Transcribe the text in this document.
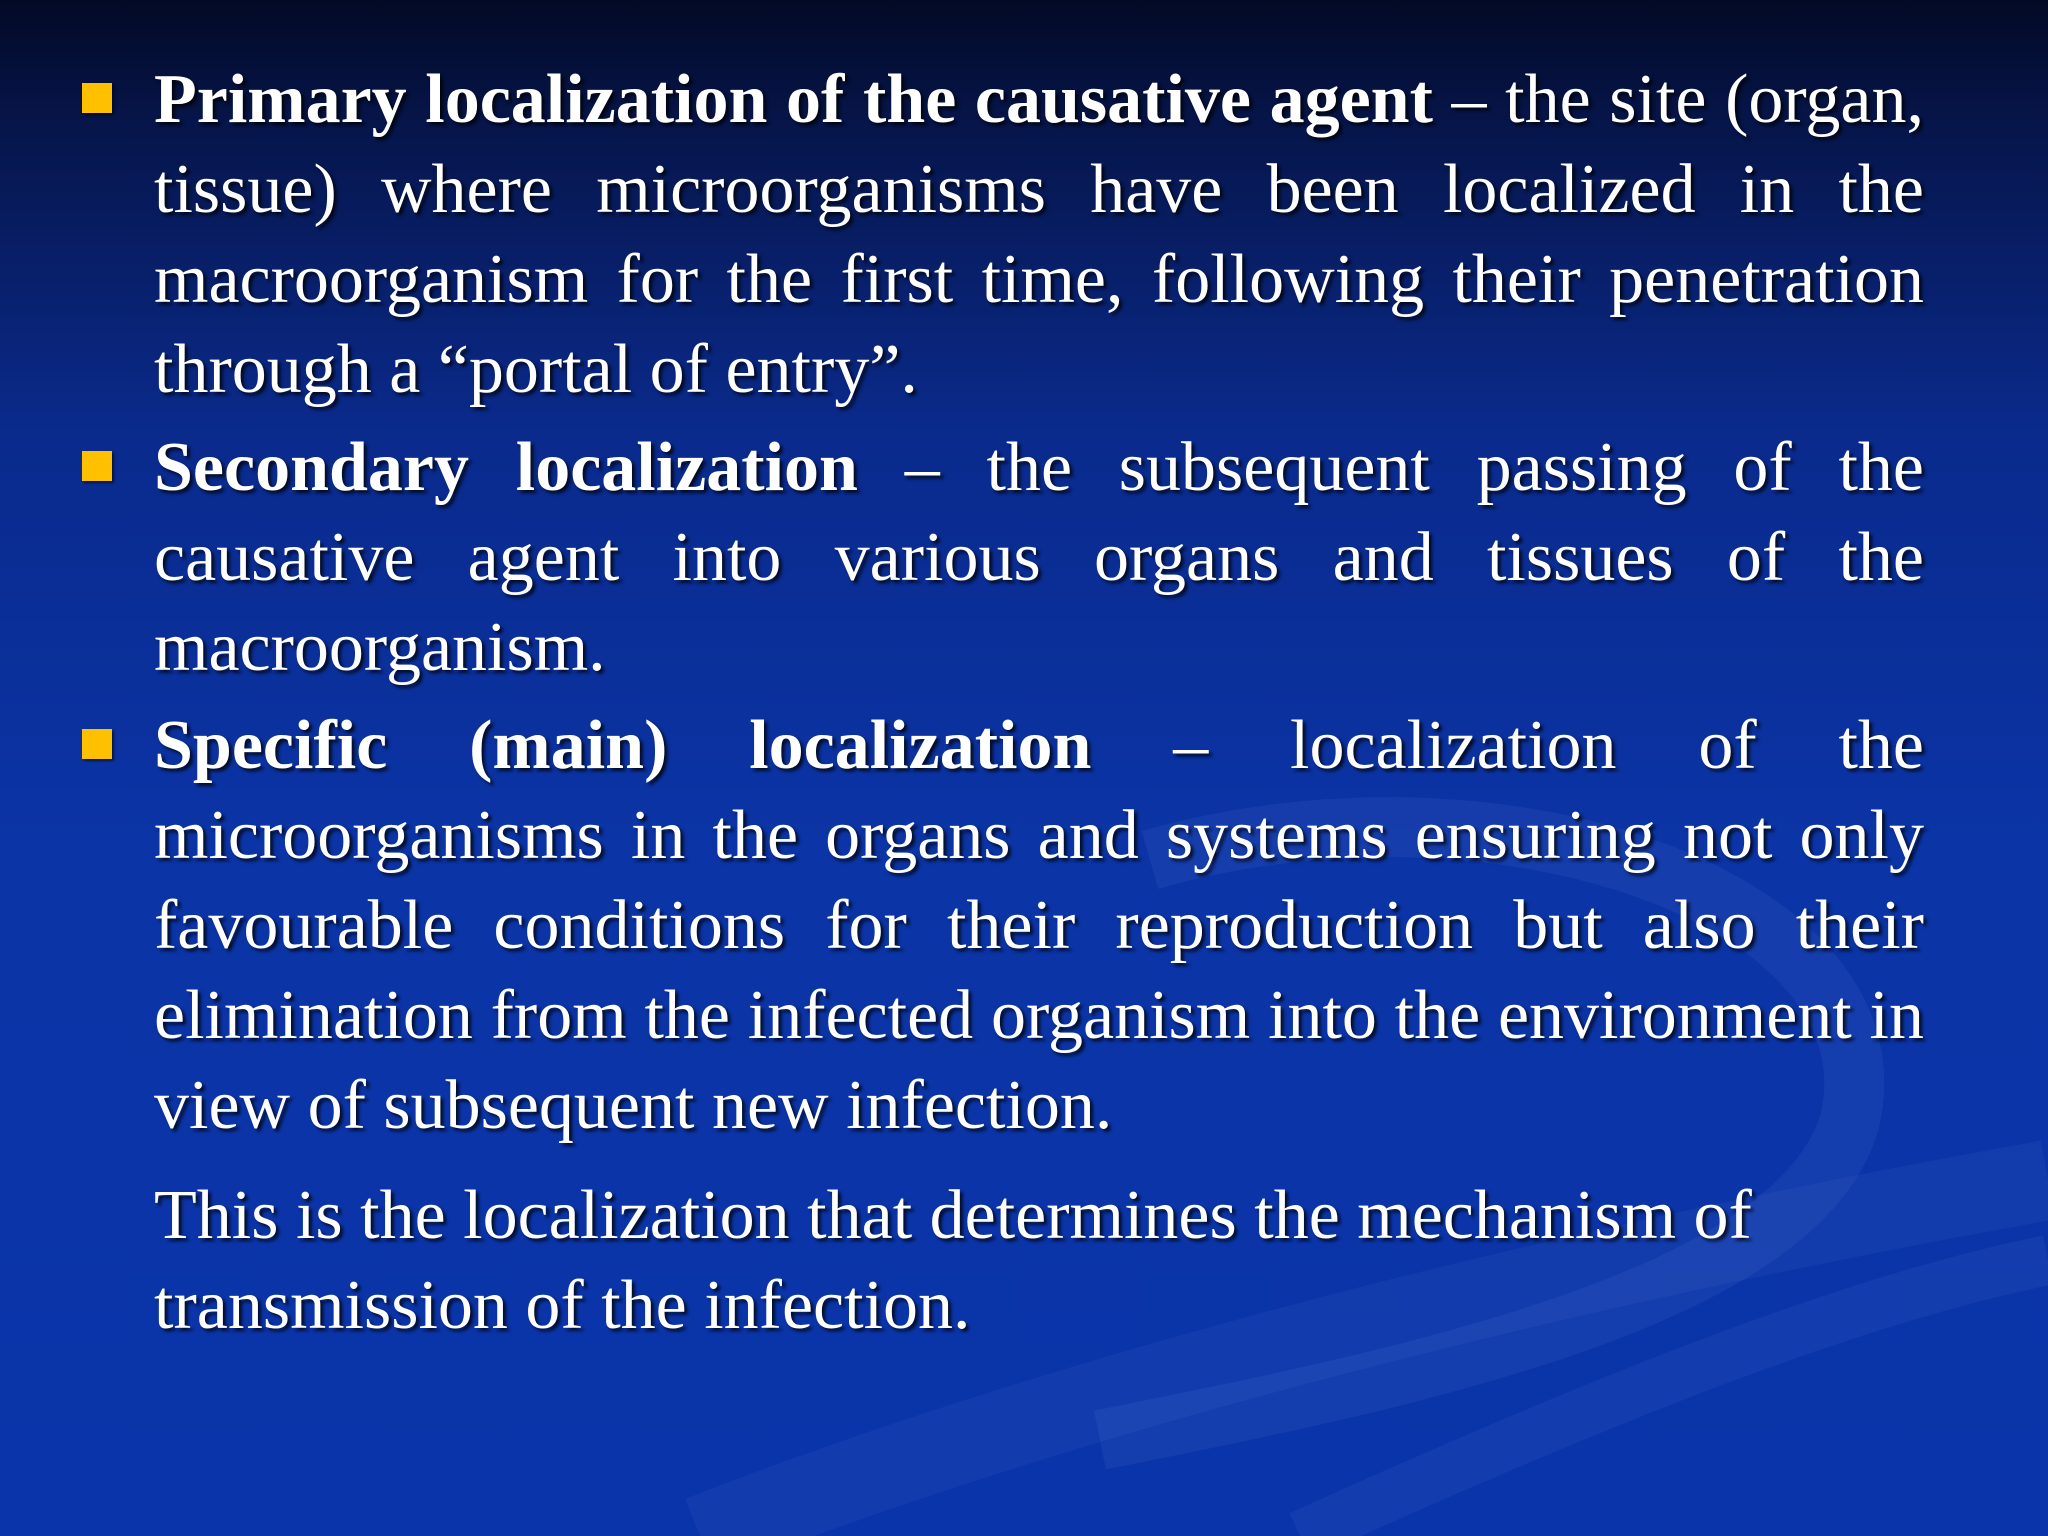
Primary localization of the causative agent – the site (organ, tissue) where microorganisms have been localized in the macroorganism for the first time, following their penetration through a “portal of entry”.
Secondary localization – the subsequent passing of the causative agent into various organs and tissues of the macroorganism.
Specific (main) localization – localization of the microorganisms in the organs and systems ensuring not only favourable conditions for their reproduction but also their elimination from the infected organism into the environment in view of subsequent new infection.
This is the localization that determines the mechanism of transmission of the infection.
